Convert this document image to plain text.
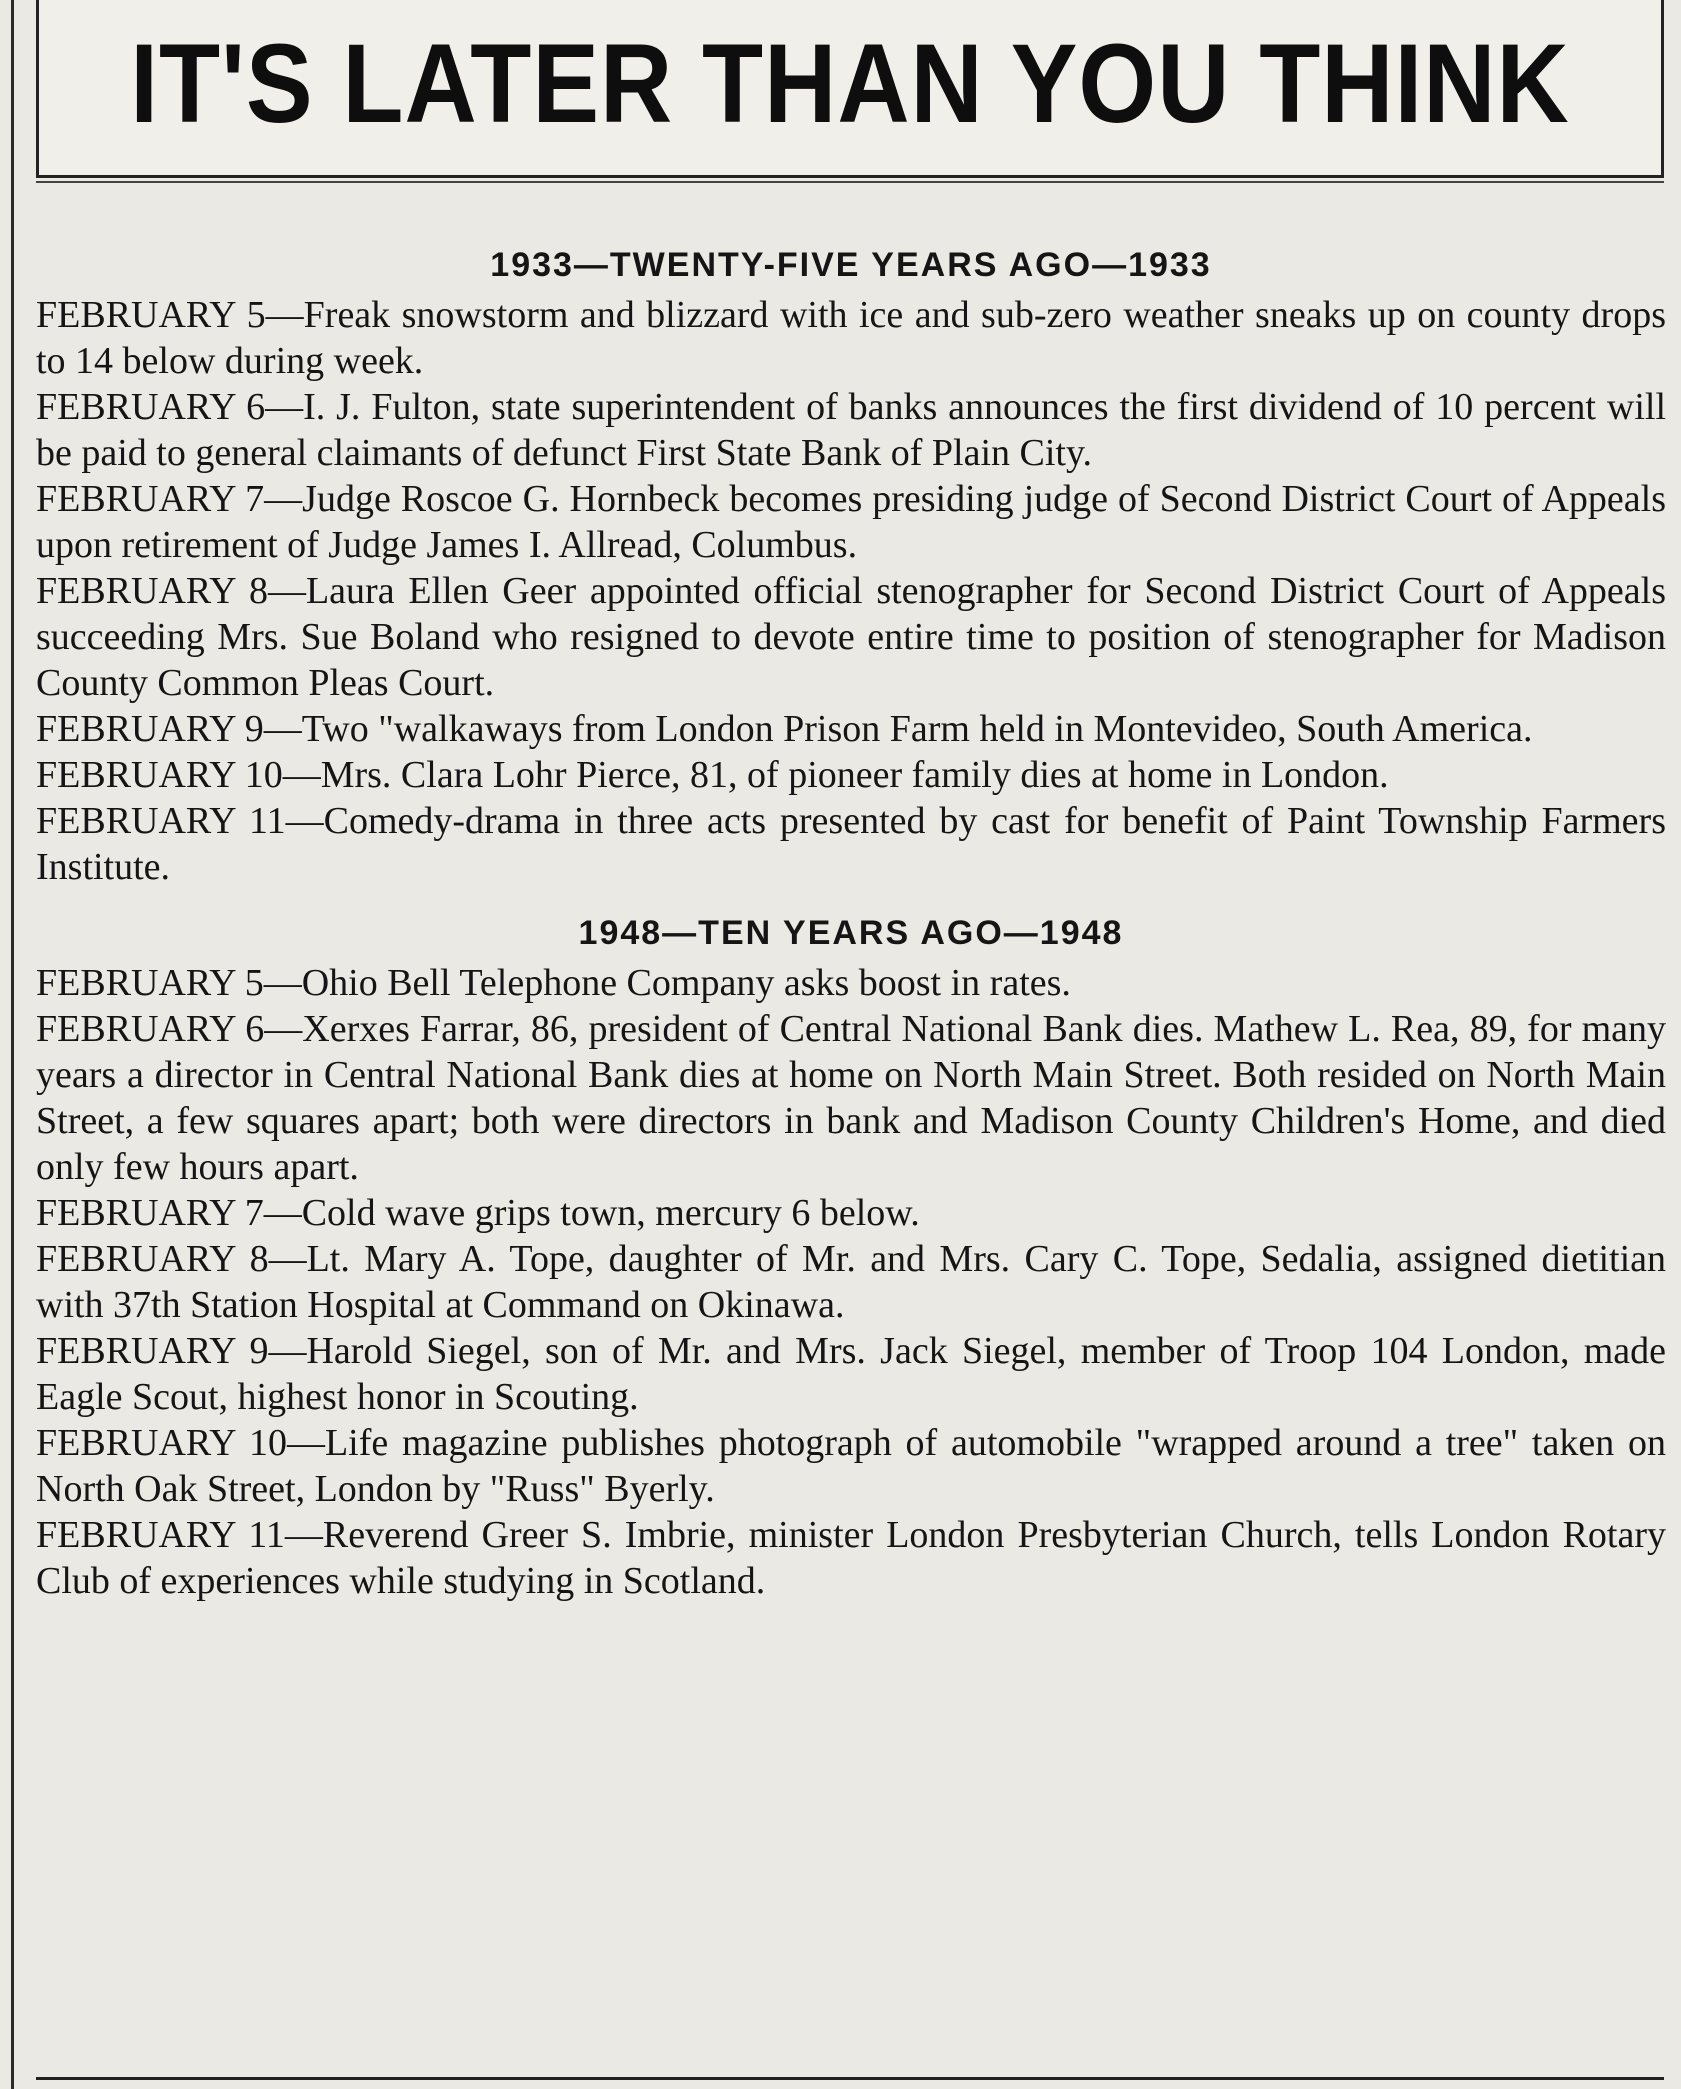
IT'S LATER THAN YOU THINK
1933—TWENTY-FIVE YEARS AGO—1933

FEBRUARY 5—Freak snowstorm and blizzard with ice and sub-zero weather sneaks up on county drops to 14 below during week.

FEBRUARY 6—I. J. Fulton, state superintendent of banks announces the first dividend of 10 percent will be paid to general claimants of defunct First State Bank of Plain City.

FEBRUARY 7—Judge Roscoe G. Hornbeck becomes presiding judge of Second District Court of Appeals upon retirement of Judge James I. Allread, Columbus.

FEBRUARY 8—Laura Ellen Geer appointed official stenographer for Second District Court of Appeals succeeding Mrs. Sue Boland who resigned to devote entire time to position of stenographer for Madison County Common Pleas Court.

FEBRUARY 9—Two "walkaways from London Prison Farm held in Montevideo, South America.

FEBRUARY 10—Mrs. Clara Lohr Pierce, 81, of pioneer family dies at home in London.

FEBRUARY 11—Comedy-drama in three acts presented by cast for benefit of Paint Township Farmers Institute.

1948—TEN YEARS AGO—1948

FEBRUARY 5—Ohio Bell Telephone Company asks boost in rates.

FEBRUARY 6—Xerxes Farrar, 86, president of Central National Bank dies. Mathew L. Rea, 89, for many years a director in Central National Bank dies at home on North Main Street. Both resided on North Main Street, a few squares apart; both were directors in bank and Madison County Children's Home, and died only few hours apart.

FEBRUARY 7—Cold wave grips town, mercury 6 below.

FEBRUARY 8—Lt. Mary A. Tope, daughter of Mr. and Mrs. Cary C. Tope, Sedalia, assigned dietitian with 37th Station Hospital at Command on Okinawa.

FEBRUARY 9—Harold Siegel, son of Mr. and Mrs. Jack Siegel, member of Troop 104 London, made Eagle Scout, highest honor in Scouting.

FEBRUARY 10—Life magazine publishes photograph of automobile "wrapped around a tree" taken on North Oak Street, London by "Russ" Byerly.

FEBRUARY 11—Reverend Greer S. Imbrie, minister London Presbyterian Church, tells London Rotary Club of experiences while studying in Scotland.
